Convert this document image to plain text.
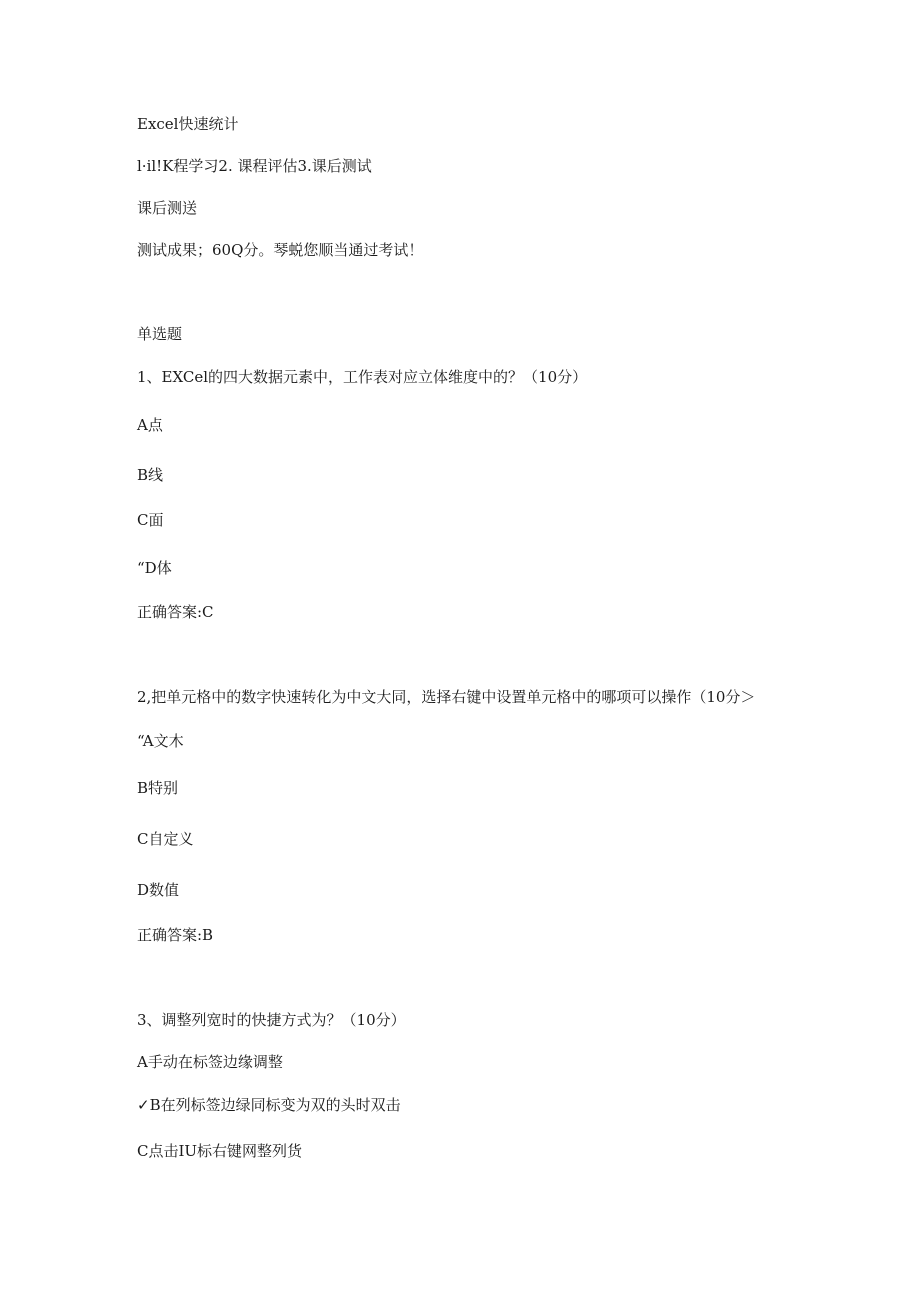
Excel快速统计
l·il!K程学习2. 课程评估3.课后测试
课后测送
测试成果；60Q分。琴蜕您顺当通过考试！
单选题
1、EXCel的四大数据元素中，工作表对应立体维度中的？（10分）
A点
B线
C面
“D体
正确答案:C
2,把单元格中的数字快速转化为中文大同，选择右键中设置单元格中的哪项可以操作（10分＞
“A文木
B特别
C自定义
D数值
正确答案:B
3、调整列宽时的快捷方式为？（10分）
A手动在标签边缘调整
✓B在列标签边绿同标变为双的头时双击
C点击IU标右键网整列货
